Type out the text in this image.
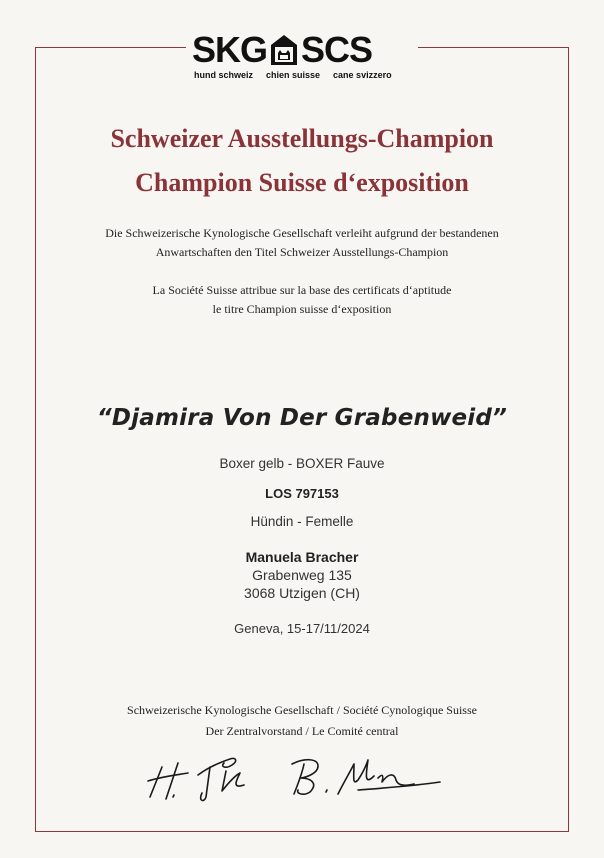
SKG SCS
hund schweiz chien suisse cane svizzero
Schweizer Ausstellungs-Champion
Champion Suisse d‘exposition
Die Schweizerische Kynologische Gesellschaft verleiht aufgrund der bestandenen
Anwartschaften den Titel Schweizer Ausstellungs-Champion
La Société Suisse attribue sur la base des certificats d‘aptitude
le titre Champion suisse d‘exposition
“Djamira Von Der Grabenweid”
Boxer gelb - BOXER Fauve
LOS 797153
Hündin - Femelle
Manuela Bracher
Grabenweg 135
3068 Utzigen (CH)
Geneva, 15-17/11/2024
Schweizerische Kynologische Gesellschaft / Société Cynologique Suisse
Der Zentralvorstand / Le Comité central
